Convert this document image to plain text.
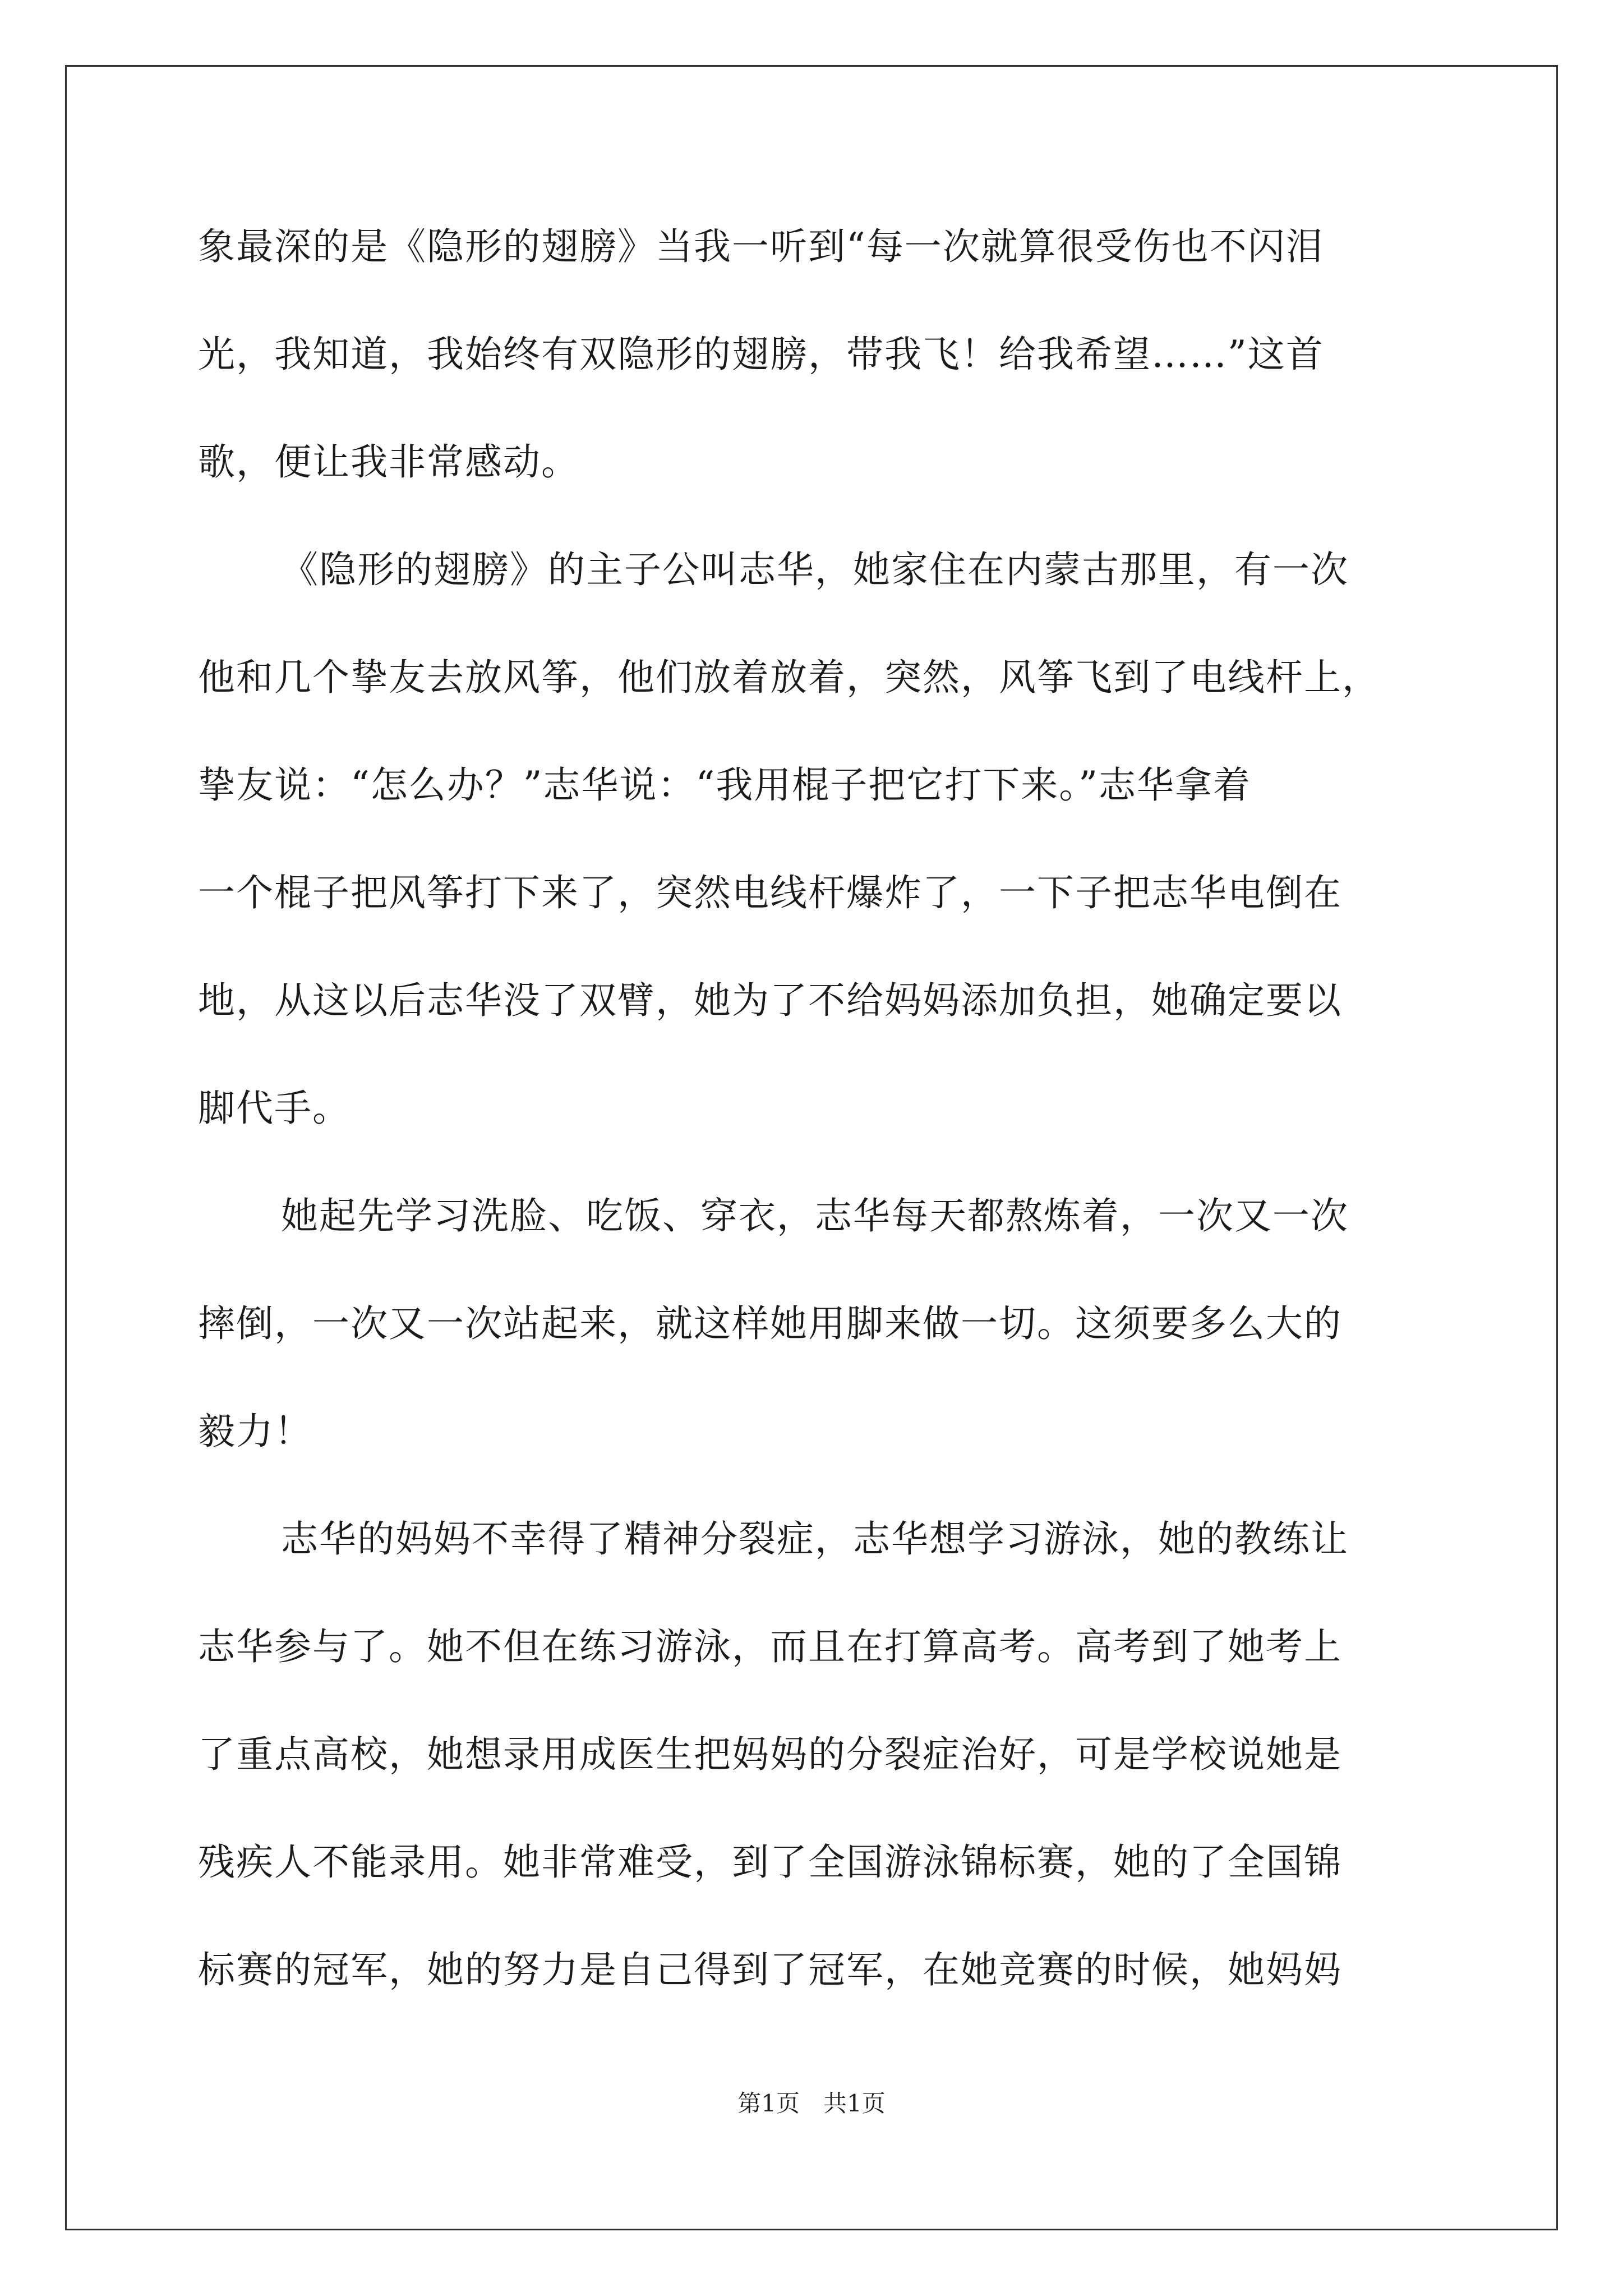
象最深的是《隐形的翅膀》当我一听到“每一次就算很受伤也不闪泪
光，我知道，我始终有双隐形的翅膀，带我飞！给我希望……”这首
歌，便让我非常感动。
《隐形的翅膀》的主子公叫志华，她家住在内蒙古那里，有一次
他和几个挚友去放风筝，他们放着放着，突然，风筝飞到了电线杆上，
挚友说：“怎么办？”志华说：“我用棍子把它打下来。”志华拿着
一个棍子把风筝打下来了，突然电线杆爆炸了，一下子把志华电倒在
地，从这以后志华没了双臂，她为了不给妈妈添加负担，她确定要以
脚代手。
她起先学习洗脸、吃饭、穿衣，志华每天都熬炼着，一次又一次
摔倒，一次又一次站起来，就这样她用脚来做一切。这须要多么大的
毅力！
志华的妈妈不幸得了精神分裂症，志华想学习游泳，她的教练让
志华参与了。她不但在练习游泳，而且在打算高考。高考到了她考上
了重点高校，她想录用成医生把妈妈的分裂症治好，可是学校说她是
残疾人不能录用。她非常难受，到了全国游泳锦标赛，她的了全国锦
标赛的冠军，她的努力是自己得到了冠军，在她竞赛的时候，她妈妈
第1页　共1页
